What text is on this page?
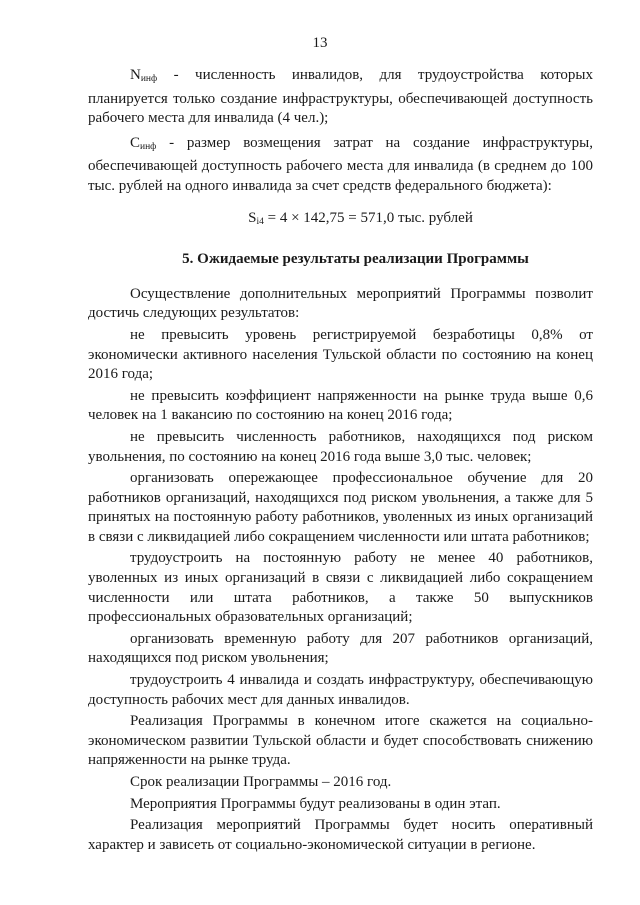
13

$N_{инф}$ - численность инвалидов, для трудоустройства которых планируется только создание инфраструктуры, обеспечивающей доступность рабочего места для инвалида (4 чел.);

$C_{инф}$ - размер возмещения затрат на создание инфраструктуры, обеспечивающей доступность рабочего места для инвалида (в среднем до 100 тыс. рублей на одного инвалида за счет средств федерального бюджета):

$S_{i4} = 4 \times 142,75 = 571,0$ тыс. рублей
5. Ожидаемые результаты реализации Программы

Осуществление дополнительных мероприятий Программы позволит достичь следующих результатов:

не превысить уровень регистрируемой безработицы 0,8% от экономически активного населения Тульской области по состоянию на конец 2016 года;

не превысить коэффициент напряженности на рынке труда выше 0,6 человек на 1 вакансию по состоянию на конец 2016 года;

не превысить численность работников, находящихся под риском увольнения, по состоянию на конец 2016 года выше 3,0 тыс. человек;

организовать опережающее профессиональное обучение для 20 работников организаций, находящихся под риском увольнения, а также для 5 принятых на постоянную работу работников, уволенных из иных организаций в связи с ликвидацией либо сокращением численности или штата работников;

трудоустроить на постоянную работу не менее 40 работников, уволенных из иных организаций в связи с ликвидацией либо сокращением численности или штата работников, а также 50 выпускников профессиональных образовательных организаций;

организовать временную работу для 207 работников организаций, находящихся под риском увольнения;

трудоустроить 4 инвалида и создать инфраструктуру, обеспечивающую доступность рабочих мест для данных инвалидов.

Реализация Программы в конечном итоге скажется на социально-экономическом развитии Тульской области и будет способствовать снижению напряженности на рынке труда.

Срок реализации Программы – 2016 год.

Мероприятия Программы будут реализованы в один этап.

Реализация мероприятий Программы будет носить оперативный характер и зависеть от социально-экономической ситуации в регионе.
